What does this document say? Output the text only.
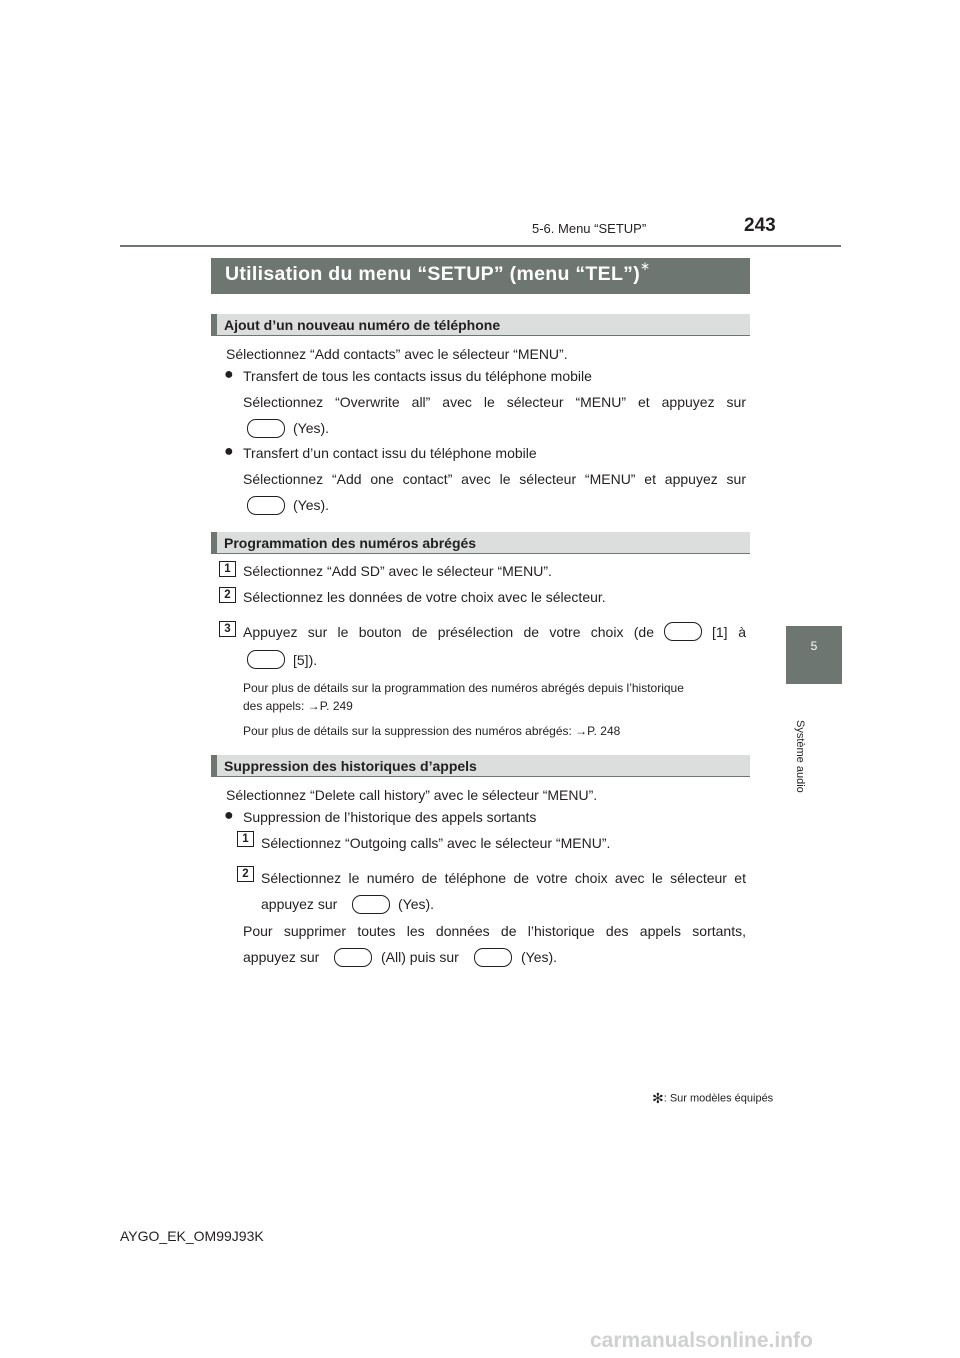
5-6. Menu “SETUP”	243
5
Système audio
Utilisation du menu “SETUP” (menu “TEL”)∗
Ajout d’un nouveau numéro de téléphone
Sélectionnez “Add contacts” avec le sélecteur “MENU”.
● Transfert de tous les contacts issus du téléphone mobile
Sélectionnez “Overwrite all” avec le sélecteur “MENU” et appuyez sur
(Yes).
● Transfert d’un contact issu du téléphone mobile
Sélectionnez “Add one contact” avec le sélecteur “MENU” et appuyez sur
(Yes).
Programmation des numéros abrégés
1 Sélectionnez “Add SD” avec le sélecteur “MENU”.
2 Sélectionnez les données de votre choix avec le sélecteur.
3 Appuyez sur le bouton de présélection de votre choix (de	[1] à
[5]).
Pour plus de détails sur la programmation des numéros abrégés depuis l’historique
des appels: →P. 249
Pour plus de détails sur la suppression des numéros abrégés: →P. 248
Suppression des historiques d’appels
Sélectionnez “Delete call history” avec le sélecteur “MENU”.
● Suppression de l’historique des appels sortants
1 Sélectionnez “Outgoing calls” avec le sélecteur “MENU”.
2 Sélectionnez le numéro de téléphone de votre choix avec le sélecteur et
appuyez sur	(Yes).
Pour supprimer toutes les données de l’historique des appels sortants,
appuyez sur	(All) puis sur	(Yes).
✻: Sur modèles équipés
AYGO_EK_OM99J93K
carmanualsonline.info
